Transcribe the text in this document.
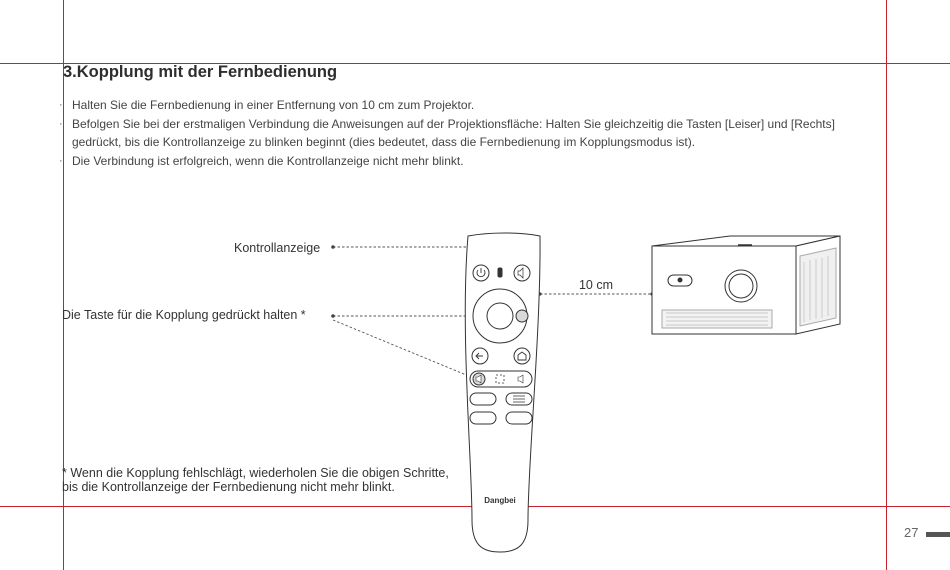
3.Kopplung mit der Fernbedienung
· Halten Sie die Fernbedienung in einer Entfernung von 10 cm zum Projektor.
· Befolgen Sie bei der erstmaligen Verbindung die Anweisungen auf der Projektionsfläche: Halten Sie gleichzeitig die Tasten [Leiser] und [Rechts] gedrückt, bis die Kontrollanzeige zu blinken beginnt (dies bedeutet, dass die Fernbedienung im Kopplungsmodus ist).
· Die Verbindung ist erfolgreich, wenn die Kontrollanzeige nicht mehr blinkt.
Kontrollanzeige
Die Taste für die Kopplung gedrückt halten *
Dangbei
10 cm
* Wenn die Kopplung fehlschlägt, wiederholen Sie die obigen Schritte, bis die Kontrollanzeige der Fernbedienung nicht mehr blinkt.
27
